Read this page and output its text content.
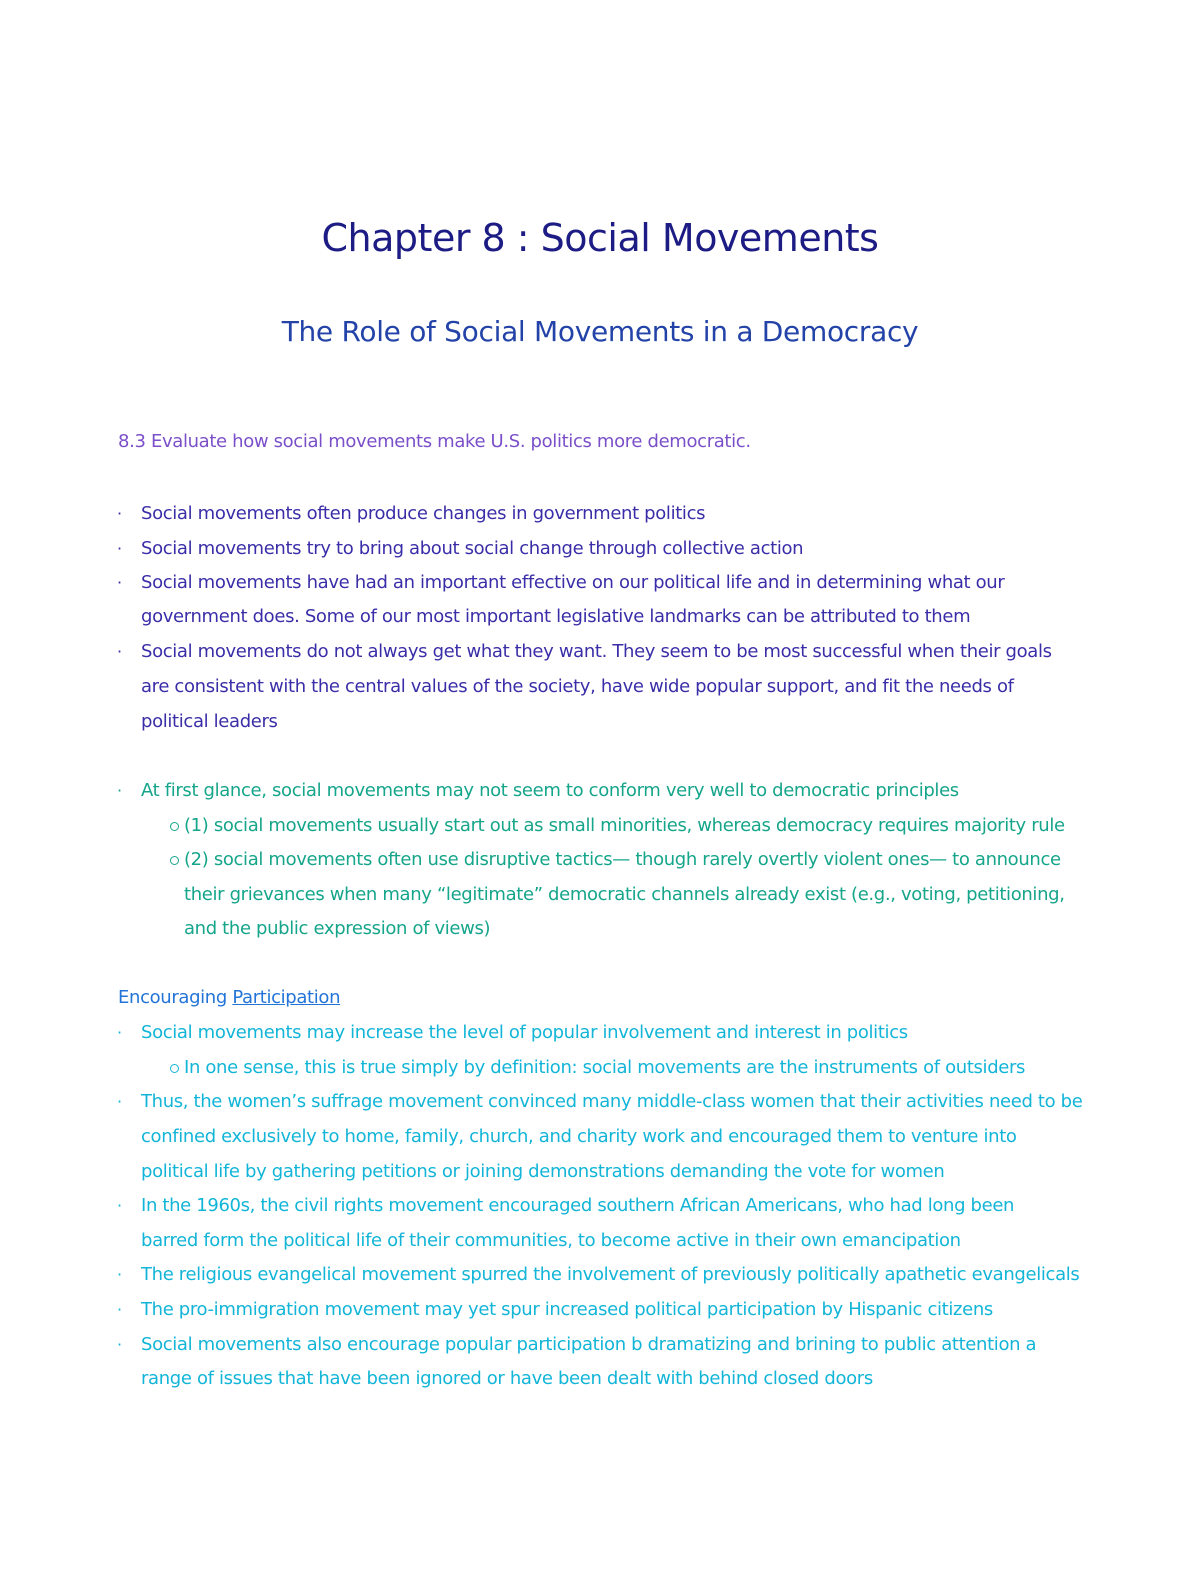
Chapter 8 : Social Movements
The Role of Social Movements in a Democracy
8.3 Evaluate how social movements make U.S. politics more democratic.
· Social movements often produce changes in government politics
· Social movements try to bring about social change through collective action
· Social movements have had an important effective on our political life and in determining what our
government does. Some of our most important legislative landmarks can be attributed to them
· Social movements do not always get what they want. They seem to be most successful when their goals
are consistent with the central values of the society, have wide popular support, and fit the needs of
political leaders
· At first glance, social movements may not seem to conform very well to democratic principles
(1) social movements usually start out as small minorities, whereas democracy requires majority rule
(2) social movements often use disruptive tactics— though rarely overtly violent ones— to announce
their grievances when many “legitimate” democratic channels already exist (e.g., voting, petitioning,
and the public expression of views)
Encouraging Participation
· Social movements may increase the level of popular involvement and interest in politics
In one sense, this is true simply by definition: social movements are the instruments of outsiders
· Thus, the women’s suffrage movement convinced many middle-class women that their activities need to be
confined exclusively to home, family, church, and charity work and encouraged them to venture into
political life by gathering petitions or joining demonstrations demanding the vote for women
· In the 1960s, the civil rights movement encouraged southern African Americans, who had long been
barred form the political life of their communities, to become active in their own emancipation
· The religious evangelical movement spurred the involvement of previously politically apathetic evangelicals
· The pro-immigration movement may yet spur increased political participation by Hispanic citizens
· Social movements also encourage popular participation b dramatizing and brining to public attention a
range of issues that have been ignored or have been dealt with behind closed doors
